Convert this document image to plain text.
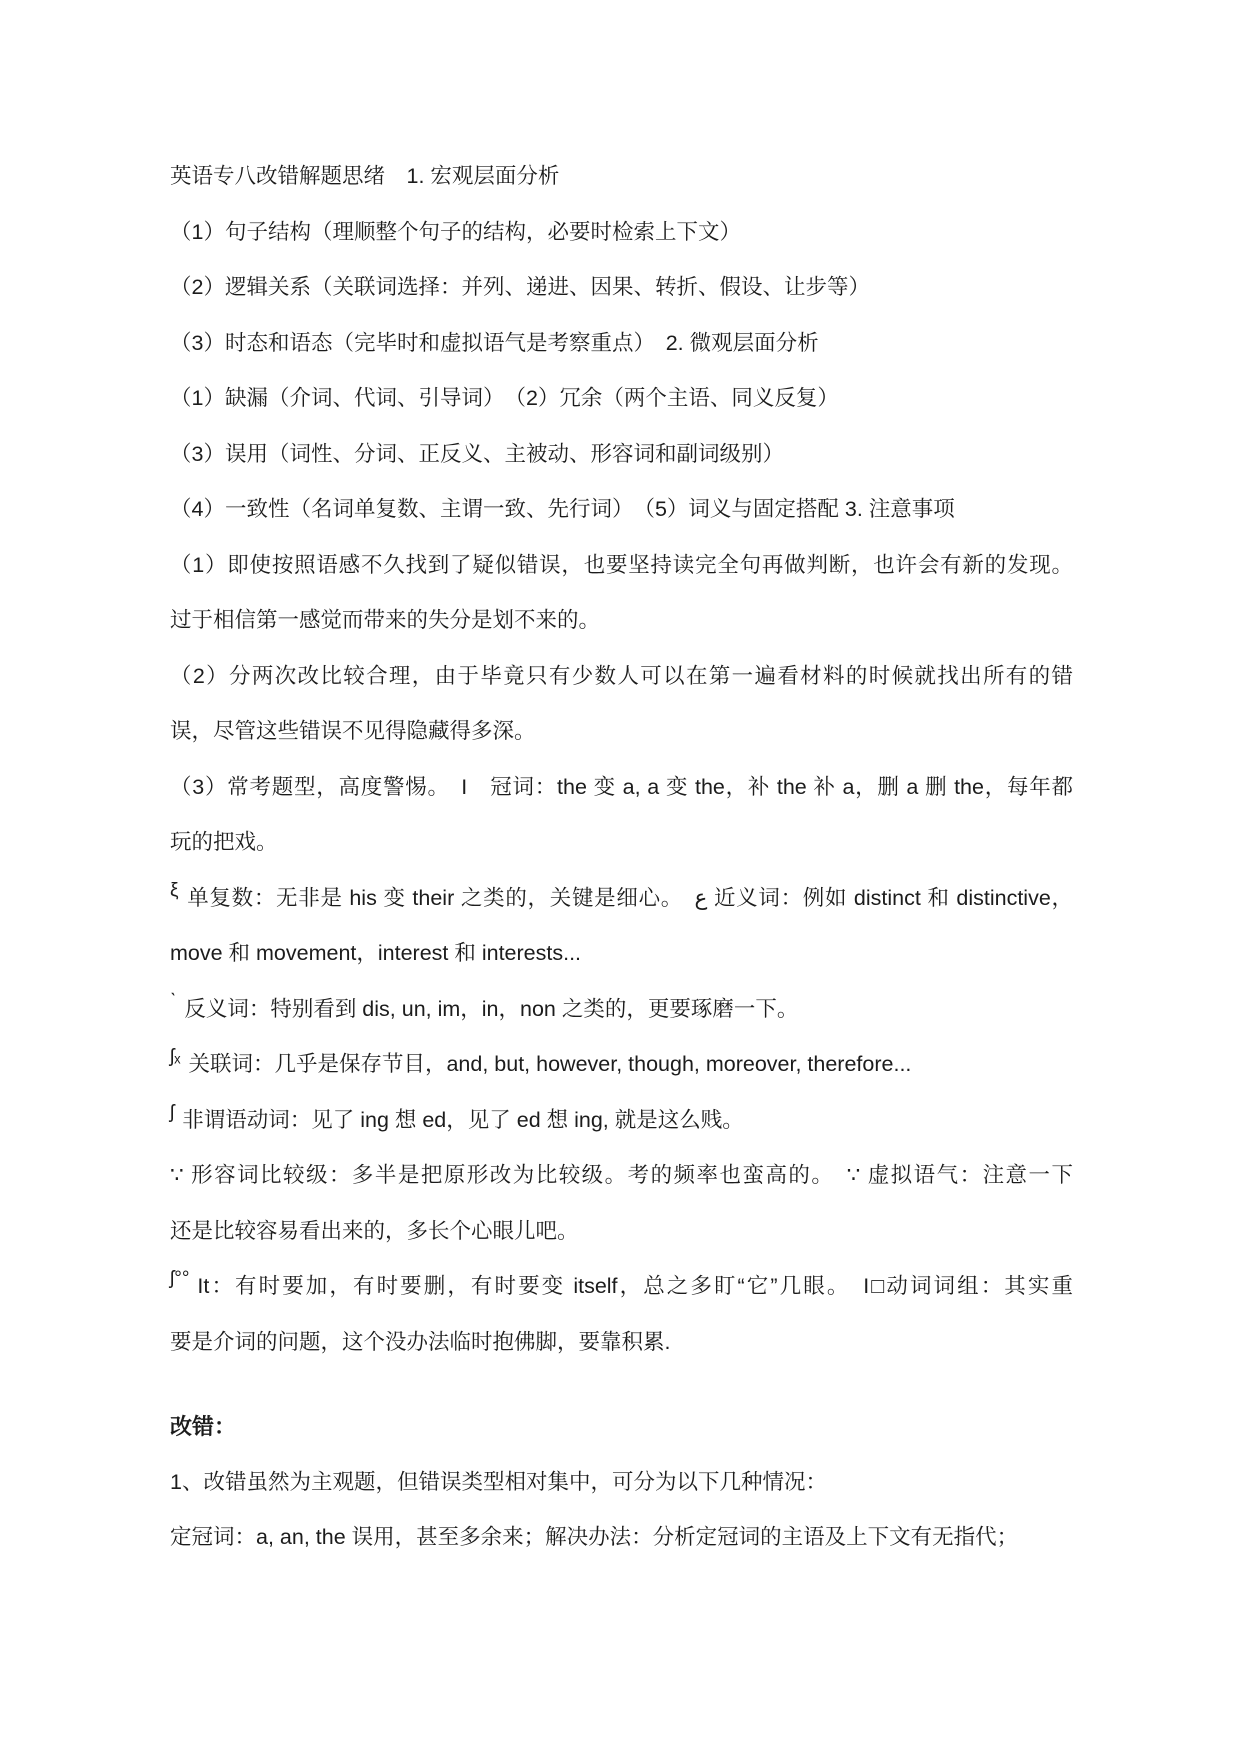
英语专八改错解题思绪　1. 宏观层面分析
（1）句子结构（理顺整个句子的结构，必要时检索上下文）
（2）逻辑关系（关联词选择：并列、递进、因果、转折、假设、让步等）
（3）时态和语态（完毕时和虚拟语气是考察重点）　2. 微观层面分析
（1）缺漏（介词、代词、引导词）　（2）冗余（两个主语、同义反复）
（3）误用（词性、分词、正反义、主被动、形容词和副词级别）
（4）一致性（名词单复数、主谓一致、先行词）　（5）词义与固定搭配 3. 注意事项
（1）即使按照语感不久找到了疑似错误，也要坚持读完全句再做判断，也许会有新的发现。
过于相信第一感觉而带来的失分是划不来的。
（2）分两次改比较合理，由于毕竟只有少数人可以在第一遍看材料的时候就找出所有的错
误，尽管这些错误不见得隐藏得多深。
（3）常考题型，高度警惕。　I　冠词：the 变 a, a 变 the，补 the 补 a，删 a 删 the，每年都
玩的把戏。
ξ 单复数：无非是 his 变 their 之类的，关键是细心。　ع 近义词：例如 distinct 和 distinctive，
move 和 movement，interest 和 interests...
ˋ 反义词：特别看到 dis, un, im，in，non 之类的，更要琢磨一下。
ʃₓ 关联词：几乎是保存节目，and, but, however, though, moreover, therefore...
ʃ 非谓语动词：见了 ing 想 ed，见了 ed 想 ing, 就是这么贱。
∵ 形容词比较级：多半是把原形改为比较级。考的频率也蛮高的。　∵ 虚拟语气：注意一下
还是比较容易看出来的，多长个心眼儿吧。
ʃ°° It：有时要加，有时要删，有时要变 itself，总之多盯“它”几眼。　I□动词词组：其实重
要是介词的问题，这个没办法临时抱佛脚，要靠积累.
改错：
1、改错虽然为主观题，但错误类型相对集中，可分为以下几种情况：
定冠词：a, an, the 误用，甚至多余来；解决办法：分析定冠词的主语及上下文有无指代；
